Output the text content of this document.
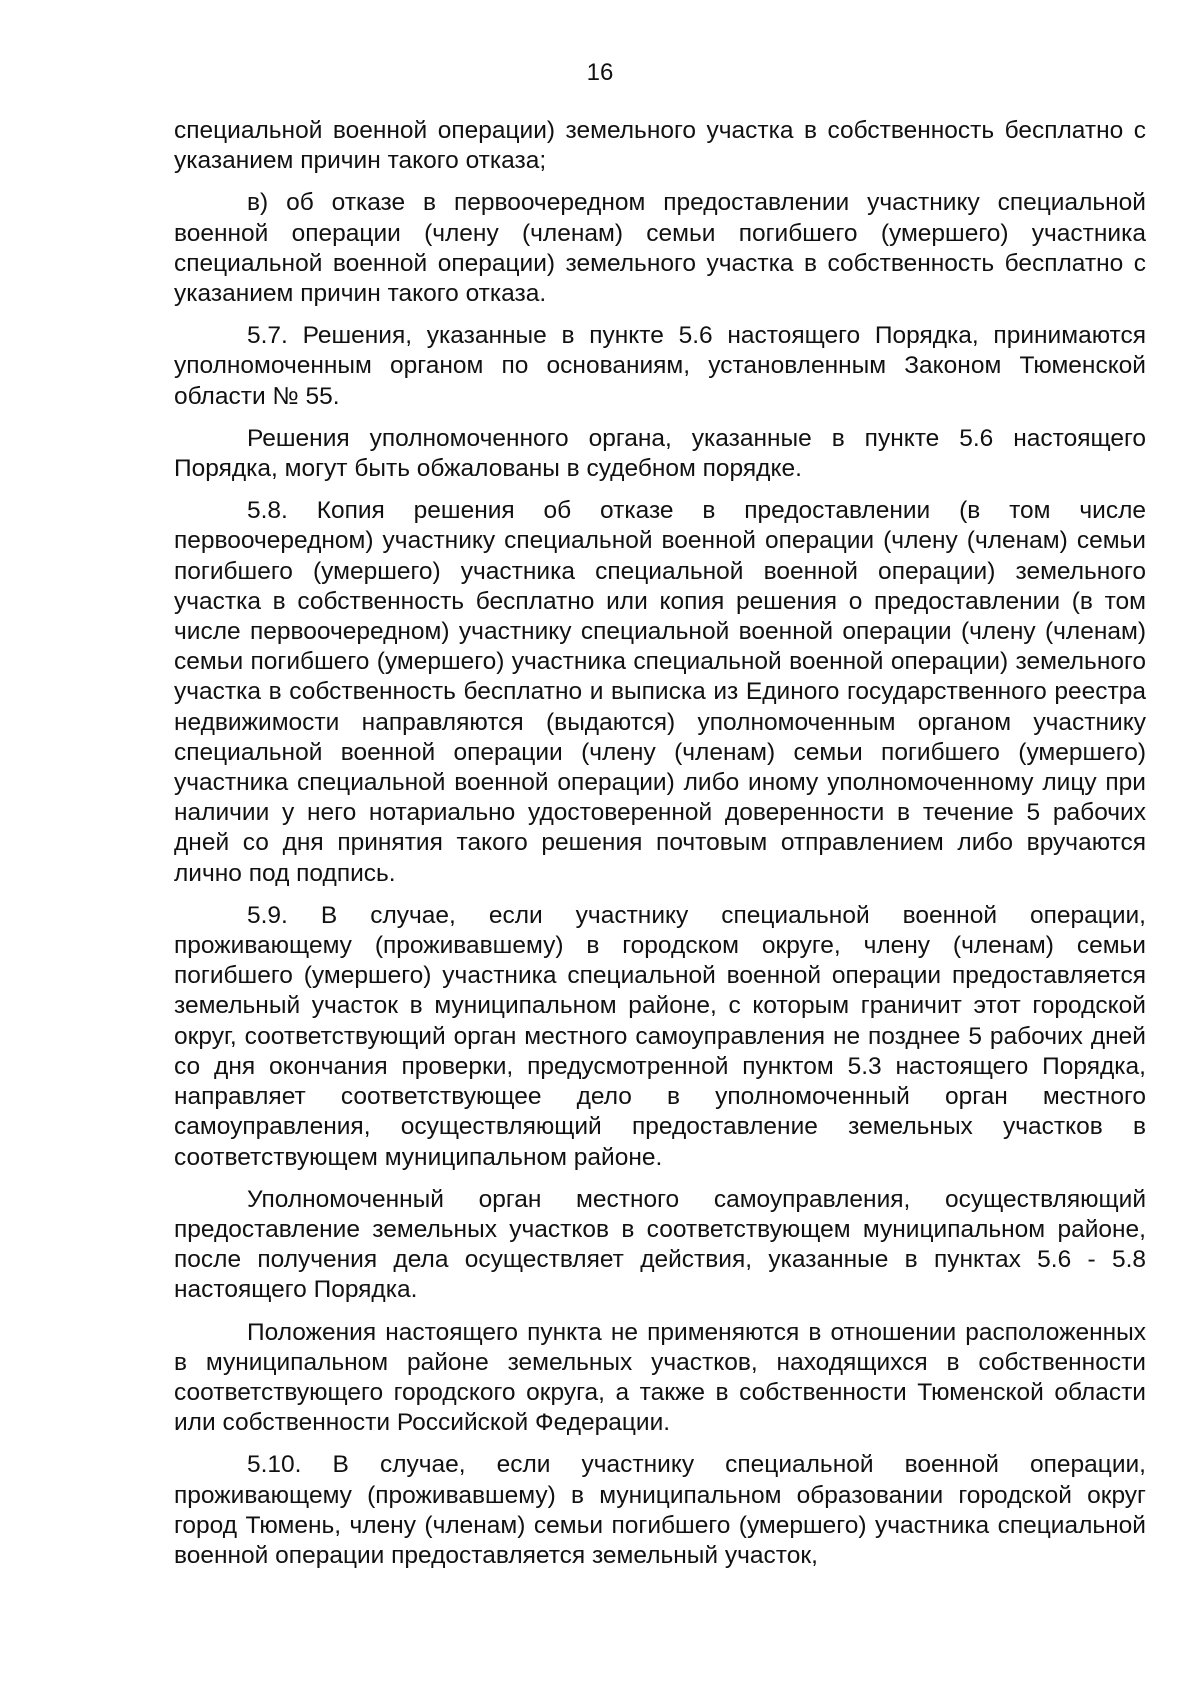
16

специальной военной операции) земельного участка в собственность бесплатно с указанием причин такого отказа;

в) об отказе в первоочередном предоставлении участнику специальной военной операции (члену (членам) семьи погибшего (умершего) участника специальной военной операции) земельного участка в собственность бесплатно с указанием причин такого отказа.

5.7. Решения, указанные в пункте 5.6 настоящего Порядка, принимаются уполномоченным органом по основаниям, установленным Законом Тюменской области № 55.

Решения уполномоченного органа, указанные в пункте 5.6 настоящего Порядка, могут быть обжалованы в судебном порядке.

5.8. Копия решения об отказе в предоставлении (в том числе первоочередном) участнику специальной военной операции (члену (членам) семьи погибшего (умершего) участника специальной военной операции) земельного участка в собственность бесплатно или копия решения о предоставлении (в том числе первоочередном) участнику специальной военной операции (члену (членам) семьи погибшего (умершего) участника специальной военной операции) земельного участка в собственность бесплатно и выписка из Единого государственного реестра недвижимости направляются (выдаются) уполномоченным органом участнику специальной военной операции (члену (членам) семьи погибшего (умершего) участника специальной военной операции) либо иному уполномоченному лицу при наличии у него нотариально удостоверенной доверенности в течение 5 рабочих дней со дня принятия такого решения почтовым отправлением либо вручаются лично под подпись.

5.9. В случае, если участнику специальной военной операции, проживающему (проживавшему) в городском округе, члену (членам) семьи погибшего (умершего) участника специальной военной операции предоставляется земельный участок в муниципальном районе, с которым граничит этот городской округ, соответствующий орган местного самоуправления не позднее 5 рабочих дней со дня окончания проверки, предусмотренной пунктом 5.3 настоящего Порядка, направляет соответствующее дело в уполномоченный орган местного самоуправления, осуществляющий предоставление земельных участков в соответствующем муниципальном районе.

Уполномоченный орган местного самоуправления, осуществляющий предоставление земельных участков в соответствующем муниципальном районе, после получения дела осуществляет действия, указанные в пунктах 5.6 - 5.8 настоящего Порядка.

Положения настоящего пункта не применяются в отношении расположенных в муниципальном районе земельных участков, находящихся в собственности соответствующего городского округа, а также в собственности Тюменской области или собственности Российской Федерации.

5.10. В случае, если участнику специальной военной операции, проживающему (проживавшему) в муниципальном образовании городской округ город Тюмень, члену (членам) семьи погибшего (умершего) участника специальной военной операции предоставляется земельный участок,
